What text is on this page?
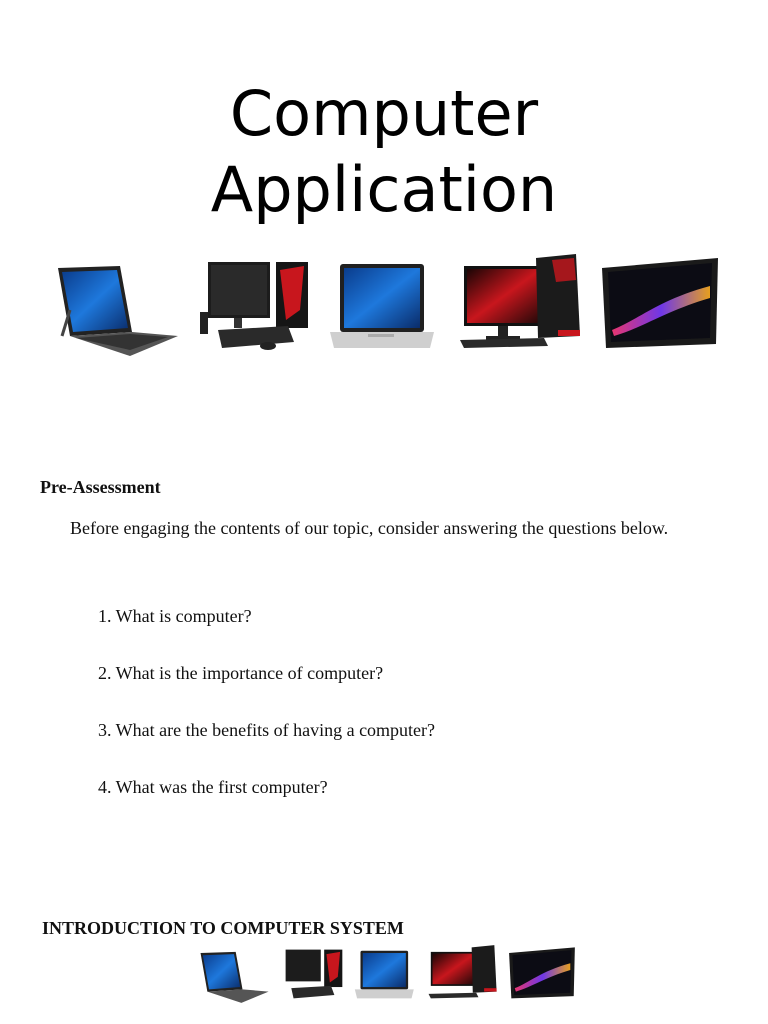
Computer
Application
Pre-Assessment

Before engaging the contents of our topic, consider answering the questions below.

1. What is computer?
2. What is the importance of computer?
3. What are the benefits of having a computer?
4. What was the first computer?
INTRODUCTION TO COMPUTER SYSTEM
